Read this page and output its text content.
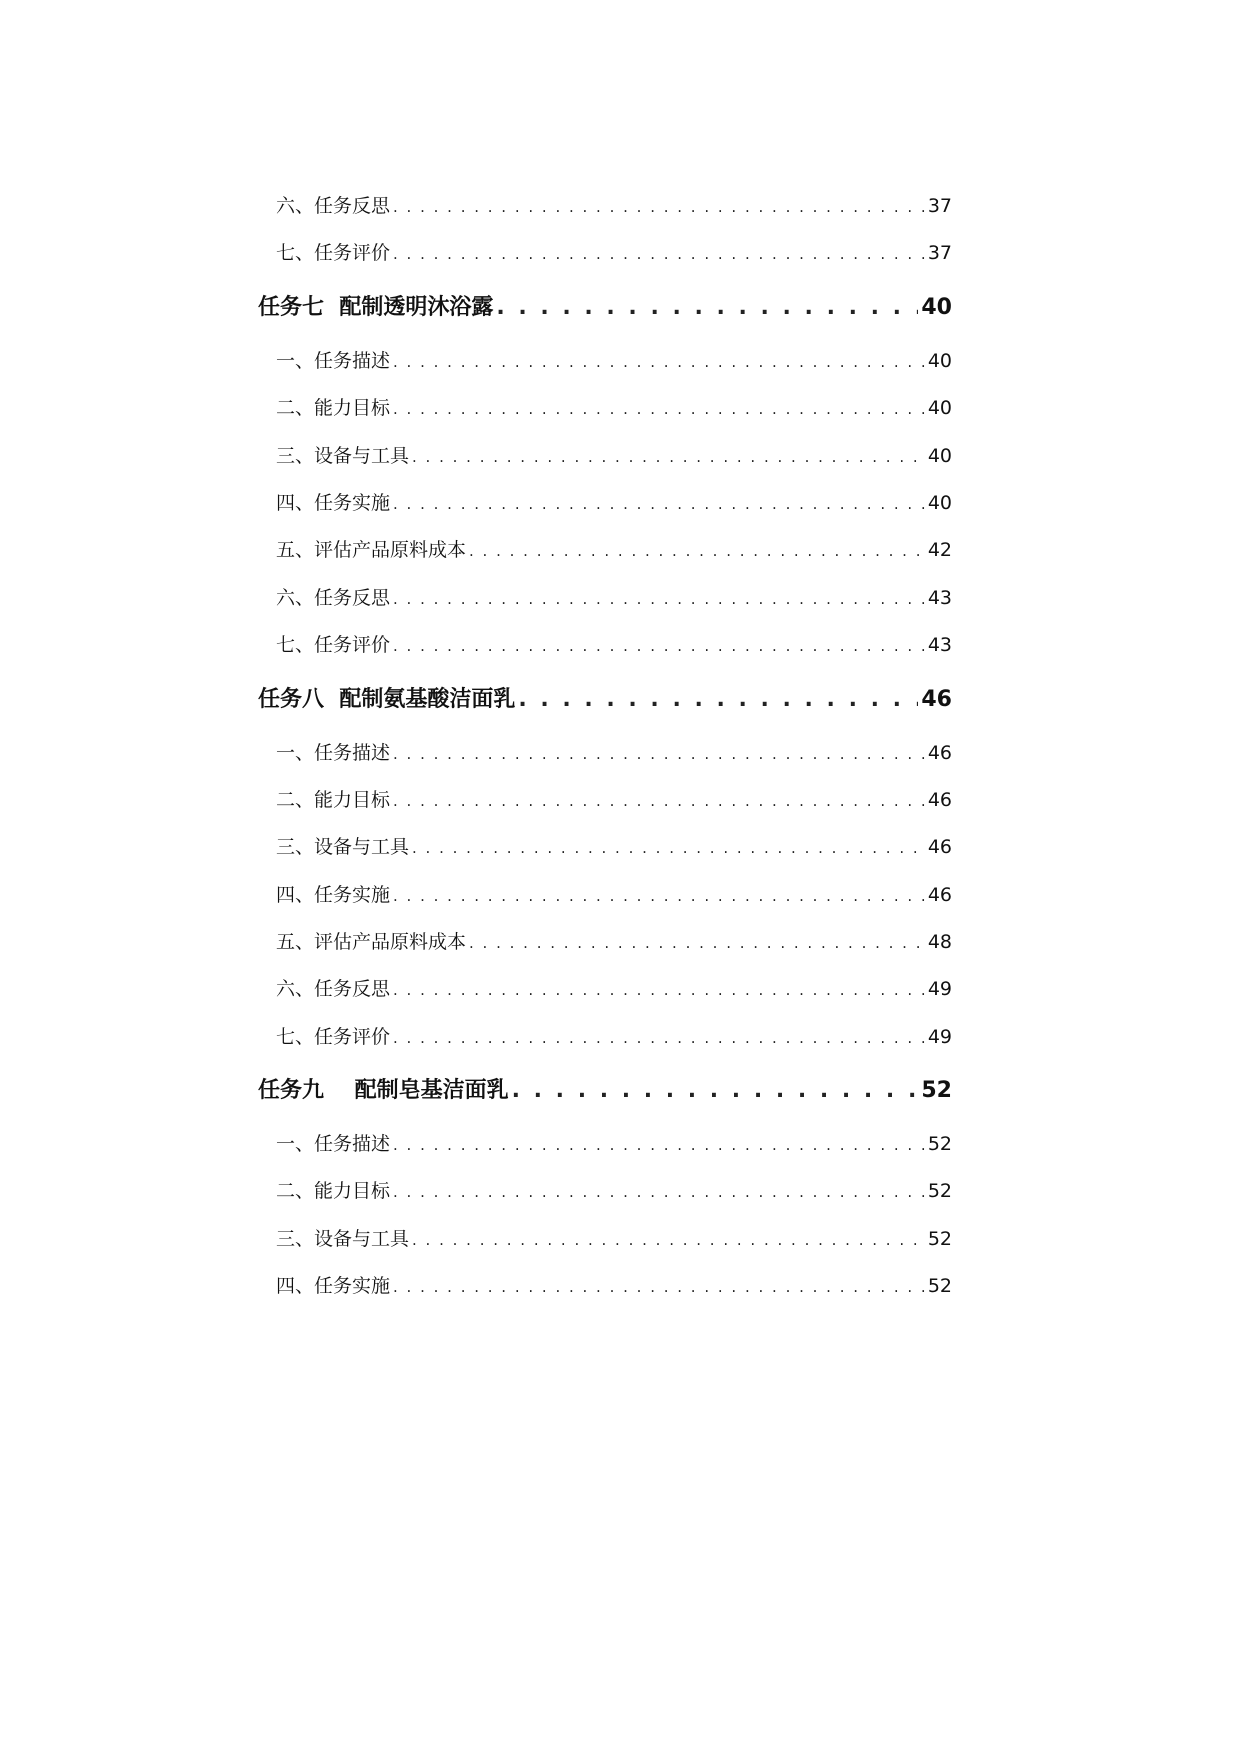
六、任务反思 . . .	37
七、任务评价 . . .	37
任务七  配制透明沐浴露 . . .	40
一、任务描述 . . .	40
二、能力目标 . . .	40
三、设备与工具 . . .	40
四、任务实施 . . .	40
五、评估产品原料成本 . . .	42
六、任务反思 . . .	43
七、任务评价 . . .	43
任务八  配制氨基酸洁面乳 . . .	46
一、任务描述 . . .	46
二、能力目标 . . .	46
三、设备与工具 . . .	46
四、任务实施 . . .	46
五、评估产品原料成本 . . .	48
六、任务反思 . . .	49
七、任务评价 . . .	49
任务九    配制皂基洁面乳 . . .	52
一、任务描述 . . .	52
二、能力目标 . . .	52
三、设备与工具 . . .	52
四、任务实施 . . .	52
